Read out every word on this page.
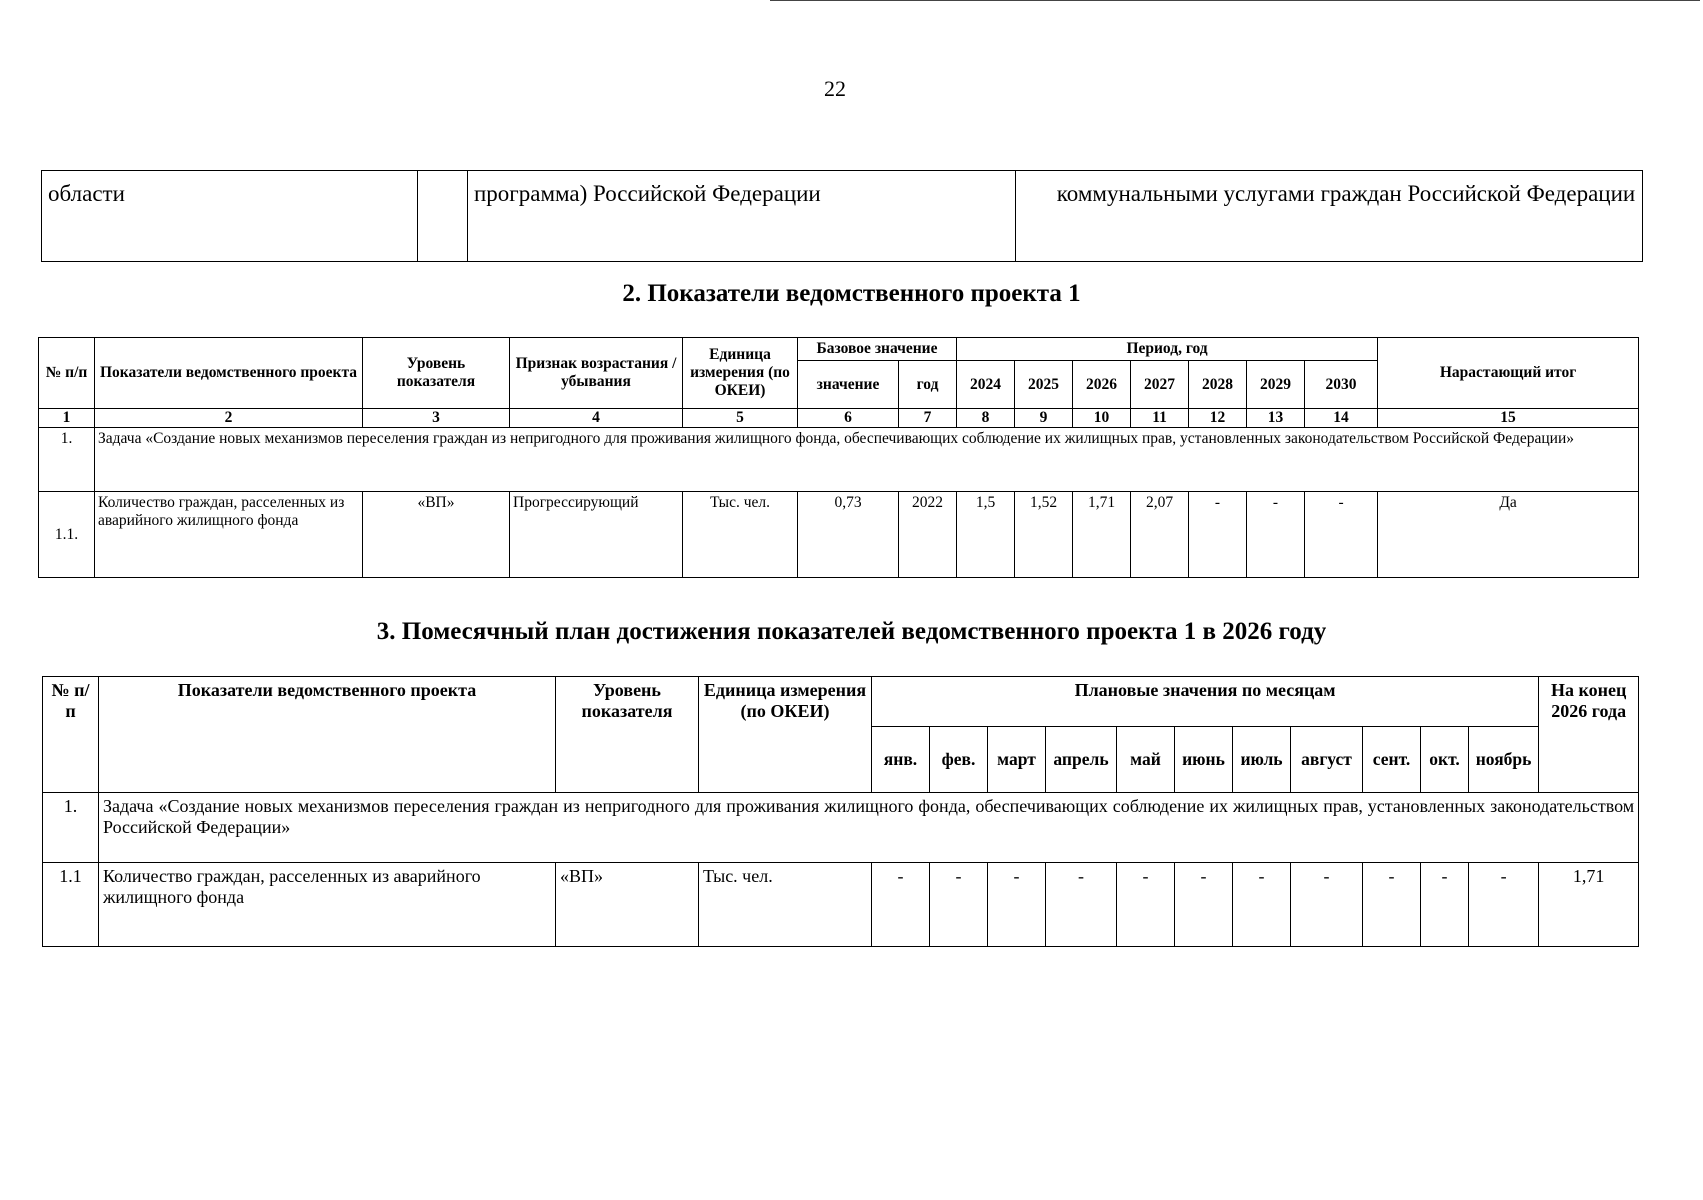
22
области		программа) Российской Федерации	коммунальными услугами граждан Российской Федерации
2. Показатели ведомственного проекта 1
№ п/п	Показатели ведомственного проекта	Уровень показателя	Признак возрастания / убывания	Единица измерения (по ОКЕИ)	Базовое значение		Период, год							Нарастающий итог
					значение	год	2024	2025	2026	2027	2028	2029	2030	
1	2	3	4	5	6	7	8	9	10	11	12	13	14	15
1.	Задача «Создание новых механизмов переселения граждан из непригодного для проживания жилищного фонда, обеспечивающих соблюдение их жилищных прав, установленных законодательством Российской Федерации»													
1.1.	Количество граждан, расселенных из аварийного жилищного фонда	«ВП»	Прогрессирующий	Тыс. чел.	0,73	2022	1,5	1,52	1,71	2,07	-	-	-	Да
3. Помесячный план достижения показателей ведомственного проекта 1 в 2026 году
№ п/п	Показатели ведомственного проекта	Уровень показателя	Единица измерения (по ОКЕИ)	Плановые значения по месяцам											На конец 2026 года
				янв.	фев.	март	апрель	май	июнь	июль	август	сент.	окт.	ноябрь	
1.	Задача «Создание новых механизмов переселения граждан из непригодного для проживания жилищного фонда, обеспечивающих соблюдение их жилищных прав, установленных законодательством Российской Федерации»														
1.1	Количество граждан, расселенных из аварийного жилищного фонда	«ВП»	Тыс. чел.	-	-	-	-	-	-	-	-	-	-	-	1,71
